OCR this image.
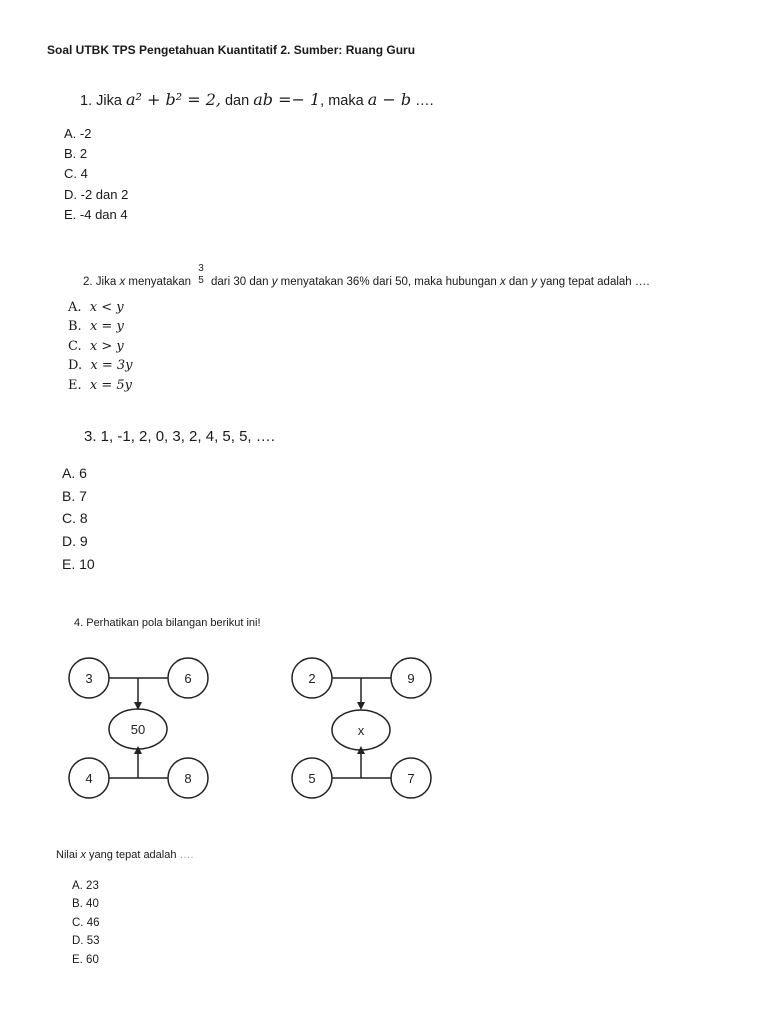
Soal UTBK TPS Pengetahuan Kuantitatif 2. Sumber: Ruang Guru
1. Jika a² + b² = 2, dan ab =− 1, maka a − b ….
A. -2
B. 2
C. 4
D. -2 dan 2
E. -4 dan 4
2. Jika x menyatakan
3
5 dari 30 dan y menyatakan 36% dari 50, maka hubungan x dan y yang tepat adalah ….
A. x < y
B. x = y
C. x > y
D. x = 3y
E. x = 5y
3. 1, -1, 2, 0, 3, 2, 4, 5, 5, ….
A. 6
B. 7
C. 8
D. 9
E. 10
4. Perhatikan pola bilangan berikut ini!
3	6
50
4	8
2	9
x
5	7
Nilai x yang tepat adalah ….
A. 23
B. 40
C. 46
D. 53
E. 60
